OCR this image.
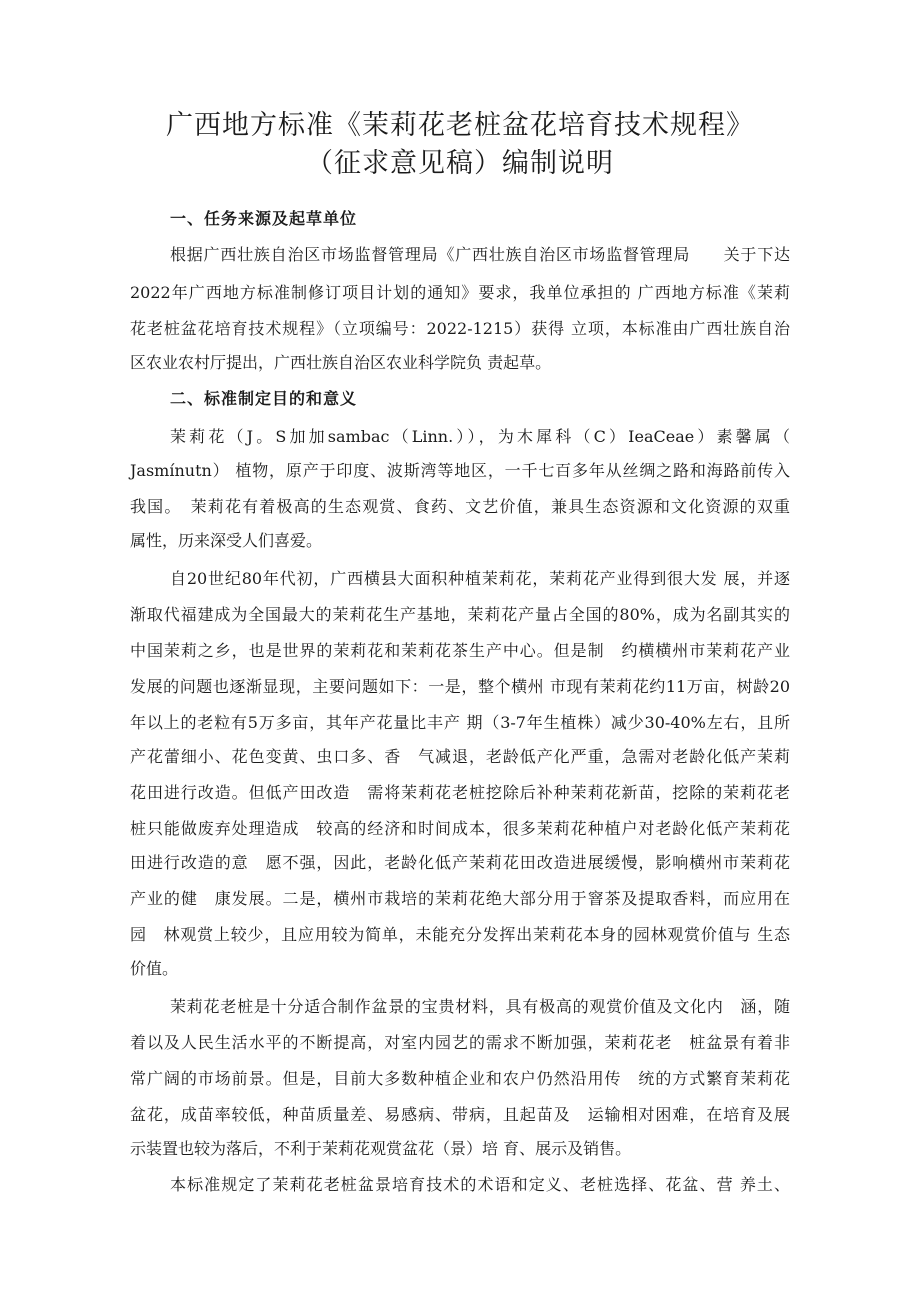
广西地方标准《茉莉花老桩盆花培育技术规程》
（征求意见稿）编制说明
一、任务来源及起草单位
根据广西壮族自治区市场监督管理局《广西壮族自治区市场监督管理局　　关于下达
2022年广西地方标准制修订项目计划的通知》要求，我单位承担的 广西地方标准《茉莉
花老桩盆花培育技术规程》（立项编号：2022-1215）获得 立项，本标准由广西壮族自治
区农业农村厅提出，广西壮族自治区农业科学院负 责起草。
二、标准制定目的和意义
茉莉花（J。S加加sambac（Linn.）），为木犀科（C）IeaCeae）素馨属（
Jasmínutn） 植物，原产于印度、波斯湾等地区，一千七百多年从丝绸之路和海路前传入
我国。　茉莉花有着极高的生态观赏、食药、文艺价值，兼具生态资源和文化资源的双重
属性，历来深受人们喜爱。
自20世纪80年代初，广西横县大面积种植茉莉花，茉莉花产业得到很大发 展，并逐
渐取代福建成为全国最大的茉莉花生产基地，茉莉花产量占全国的80%，成为名副其实的
中国茉莉之乡，也是世界的茉莉花和茉莉花茶生产中心。但是制　约横横州市茉莉花产业
发展的问题也逐渐显现，主要问题如下：一是，整个横州 市现有茉莉花约11万亩，树龄20
年以上的老粒有5万多亩，其年产花量比丰产 期（3-7年生植株）减少30-40%左右，且所
产花蕾细小、花色变黄、虫口多、香　气减退，老龄低产化严重，急需对老龄化低产茉莉
花田进行改造。但低产田改造　需将茉莉花老桩挖除后补种茉莉花新苗，挖除的茉莉花老
桩只能做废弃处理造成　较高的经济和时间成本，很多茉莉花种植户对老龄化低产茉莉花
田进行改造的意　愿不强，因此，老龄化低产茉莉花田改造进展缓慢，影响横州市茉莉花
产业的健　康发展。二是，横州市栽培的茉莉花绝大部分用于窨茶及提取香料，而应用在
园　林观赏上较少，且应用较为简单，未能充分发挥出茉莉花本身的园林观赏价值与 生态
价值。
茉莉花老桩是十分适合制作盆景的宝贵材料，具有极高的观赏价值及文化内　涵，随
着以及人民生活水平的不断提高，对室内园艺的需求不断加强，茉莉花老　桩盆景有着非
常广阔的市场前景。但是，目前大多数种植企业和农户仍然沿用传　统的方式繁育茉莉花
盆花，成苗率较低，种苗质量差、易感病、带病，且起苗及　运输相对困难，在培育及展
示装置也较为落后，不利于茉莉花观赏盆花（景）培 育、展示及销售。
本标准规定了茉莉花老桩盆景培育技术的术语和定义、老桩选择、花盆、营 养土、
